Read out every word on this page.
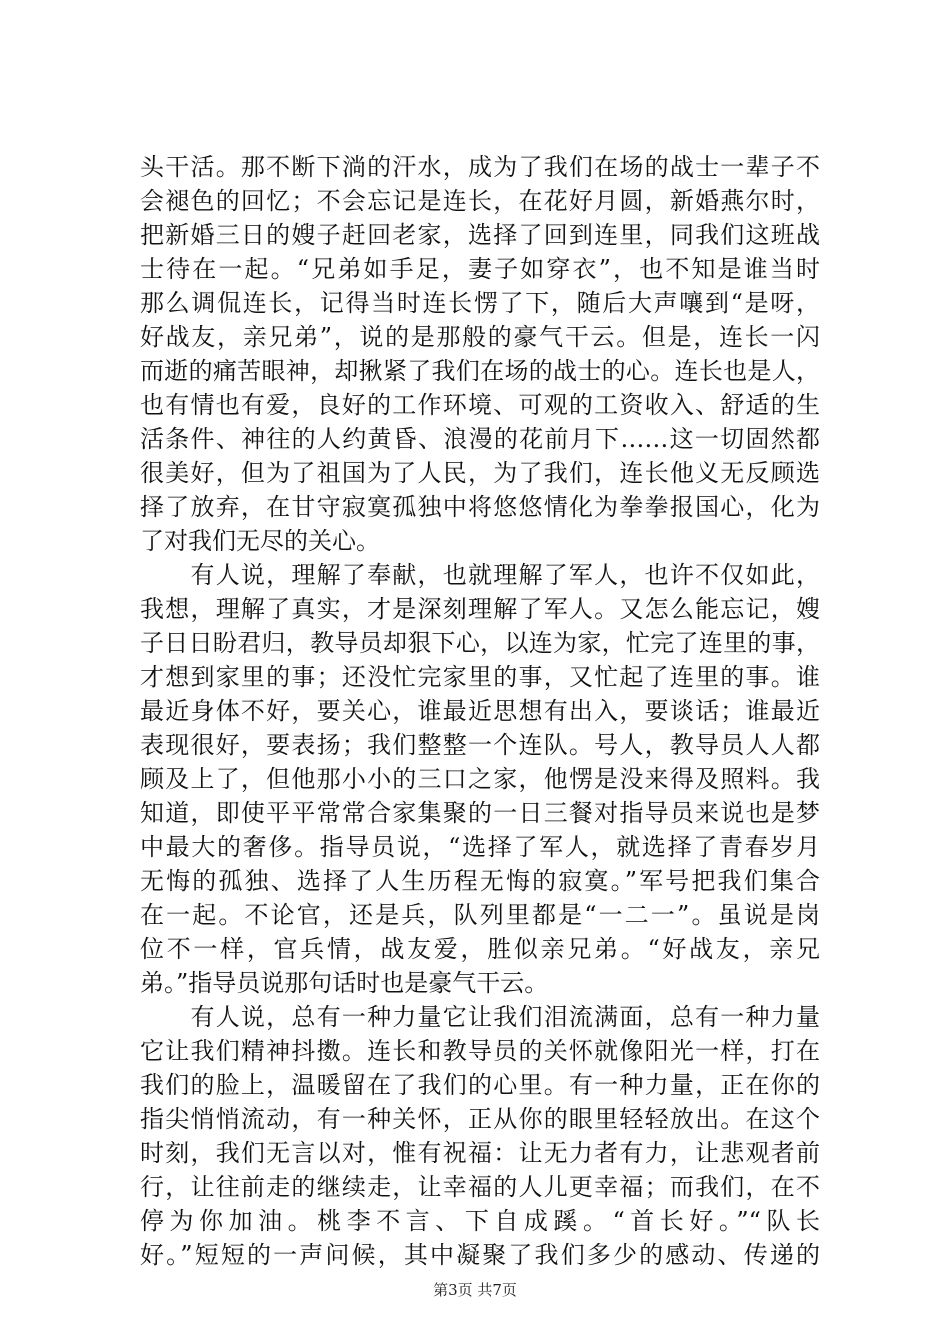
头干活。那不断下淌的汗水，成为了我们在场的战士一辈子不
会褪色的回忆；不会忘记是连长，在花好月圆，新婚燕尔时，
把新婚三日的嫂子赶回老家，选择了回到连里，同我们这班战
士待在一起。“兄弟如手足，妻子如穿衣”，也不知是谁当时
那么调侃连长，记得当时连长愣了下，随后大声嚷到“是呀，
好战友，亲兄弟”，说的是那般的豪气干云。但是，连长一闪
而逝的痛苦眼神，却揪紧了我们在场的战士的心。连长也是人，
也有情也有爱，良好的工作环境、可观的工资收入、舒适的生
活条件、神往的人约黄昏、浪漫的花前月下……这一切固然都
很美好，但为了祖国为了人民，为了我们，连长他义无反顾选
择了放弃，在甘守寂寞孤独中将悠悠情化为拳拳报国心，化为
了对我们无尽的关心。
　　有人说，理解了奉献，也就理解了军人，也许不仅如此，
我想，理解了真实，才是深刻理解了军人。又怎么能忘记，嫂
子日日盼君归，教导员却狠下心，以连为家，忙完了连里的事，
才想到家里的事；还没忙完家里的事，又忙起了连里的事。谁
最近身体不好，要关心，谁最近思想有出入，要谈话；谁最近
表现很好，要表扬；我们整整一个连队。号人，教导员人人都
顾及上了，但他那小小的三口之家，他愣是没来得及照料。我
知道，即使平平常常合家集聚的一日三餐对指导员来说也是梦
中最大的奢侈。指导员说，“选择了军人，就选择了青春岁月
无悔的孤独、选择了人生历程无悔的寂寞。”军号把我们集合
在一起。不论官，还是兵，队列里都是“一二一”。虽说是岗
位不一样，官兵情，战友爱，胜似亲兄弟。“好战友，亲兄
弟。”指导员说那句话时也是豪气干云。
　　有人说，总有一种力量它让我们泪流满面，总有一种力量
它让我们精神抖擞。连长和教导员的关怀就像阳光一样，打在
我们的脸上，温暖留在了我们的心里。有一种力量，正在你的
指尖悄悄流动，有一种关怀，正从你的眼里轻轻放出。在这个
时刻，我们无言以对，惟有祝福：让无力者有力，让悲观者前
行，让往前走的继续走，让幸福的人儿更幸福；而我们，在不
停为你加油。桃李不言、下自成蹊。“首长好。”“队长
好。”短短的一声问候，其中凝聚了我们多少的感动、传递的
第3页 共7页
